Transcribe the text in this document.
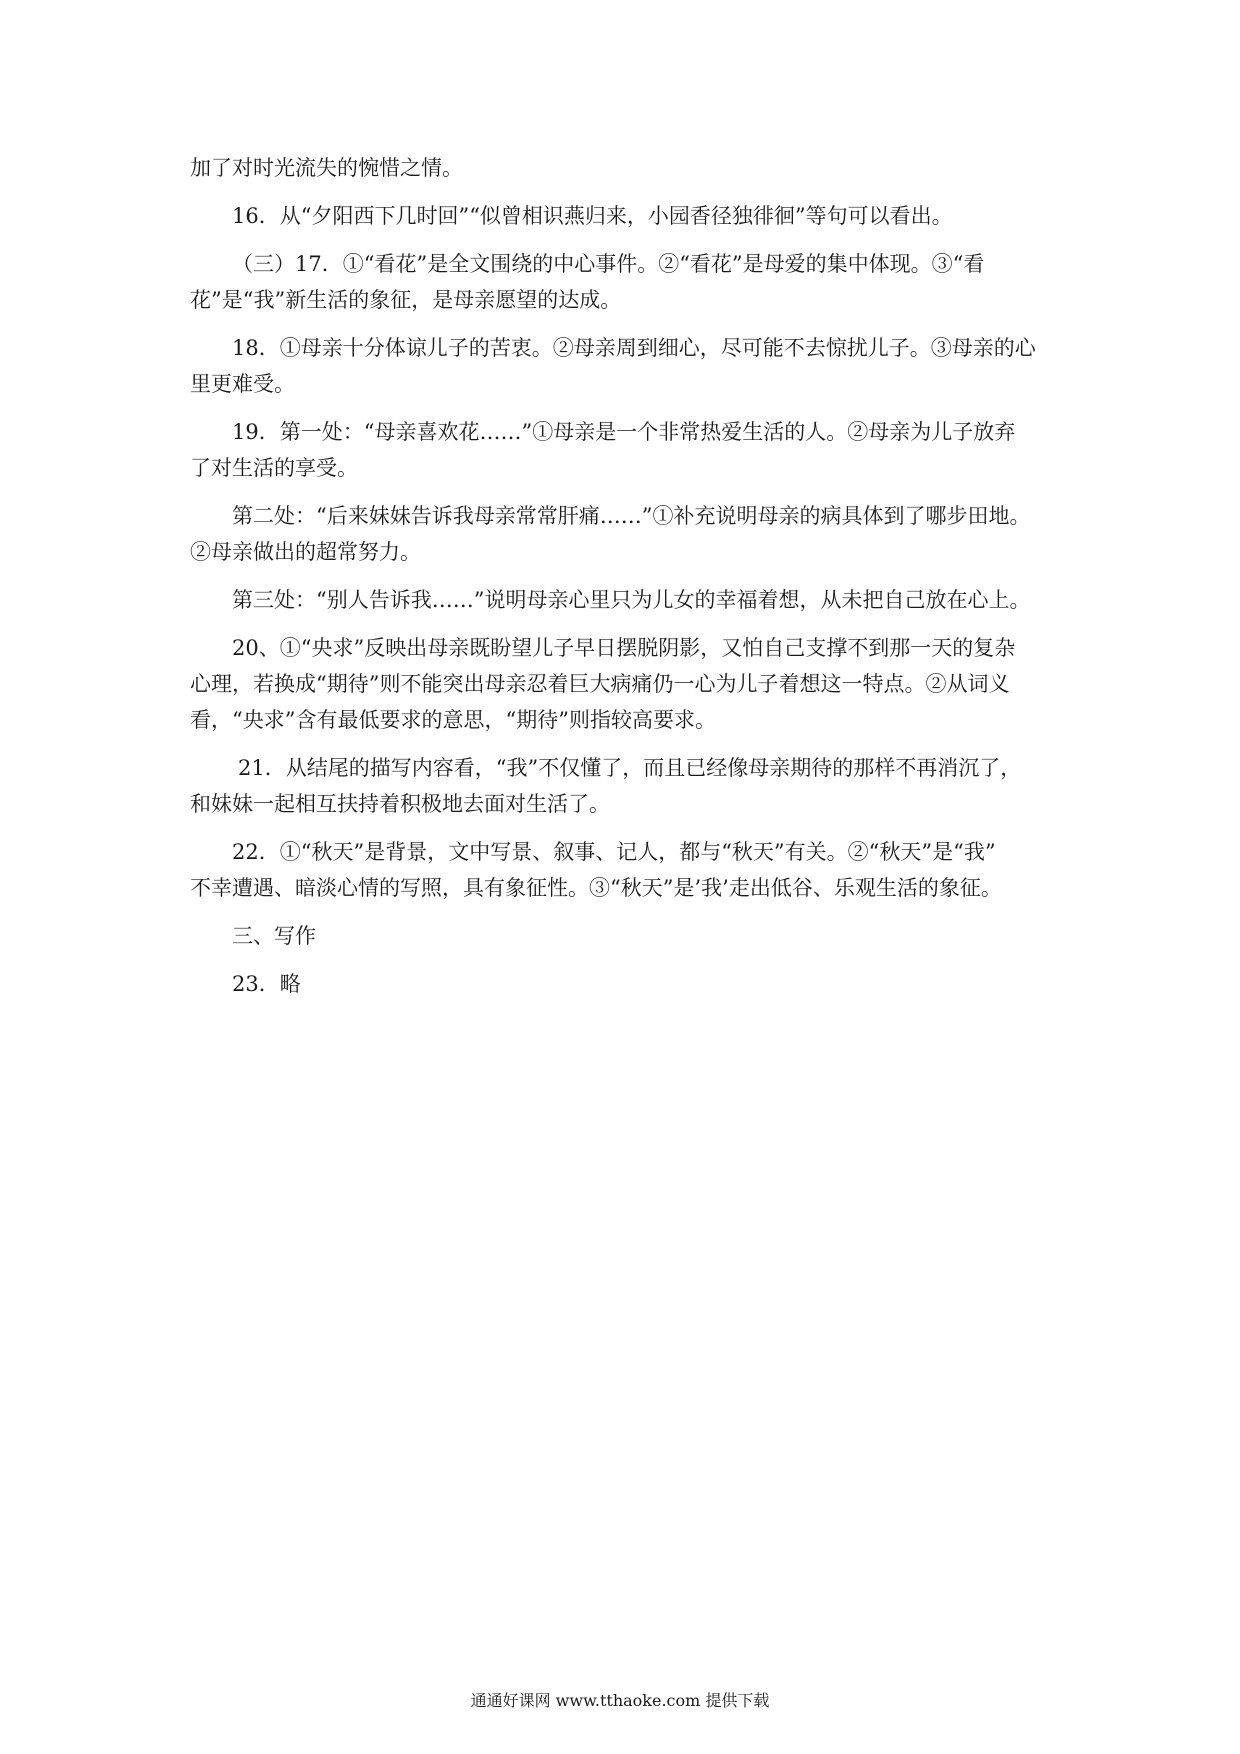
加了对时光流失的惋惜之情。

16．从“夕阳西下几时回”“似曾相识燕归来，小园香径独徘徊”等句可以看出。

（三）17．①“看花”是全文围绕的中心事件。②“看花”是母爱的集中体现。③“看

花”是“我”新生活的象征，是母亲愿望的达成。

18．①母亲十分体谅儿子的苦衷。②母亲周到细心，尽可能不去惊扰儿子。③母亲的心

里更难受。

19．第一处：“母亲喜欢花……”①母亲是一个非常热爱生活的人。②母亲为儿子放弃

了对生活的享受。

第二处：“后来妹妹告诉我母亲常常肝痛……”①补充说明母亲的病具体到了哪步田地。

②母亲做出的超常努力。

第三处：“别人告诉我……”说明母亲心里只为儿女的幸福着想，从未把自己放在心上。

20、①“央求”反映出母亲既盼望儿子早日摆脱阴影，又怕自己支撑不到那一天的复杂

心理，若换成“期待”则不能突出母亲忍着巨大病痛仍一心为儿子着想这一特点。②从词义

看，“央求”含有最低要求的意思，“期待”则指较高要求。

21．从结尾的描写内容看，“我”不仅懂了，而且已经像母亲期待的那样不再消沉了，

和妹妹一起相互扶持着积极地去面对生活了。

22．①“秋天”是背景，文中写景、叙事、记人，都与“秋天”有关。②“秋天”是“我”

不幸遭遇、暗淡心情的写照，具有象征性。③“秋天”是’我’走出低谷、乐观生活的象征。

三、写作

23．略

通通好课网 www.tthaoke.com 提供下载
